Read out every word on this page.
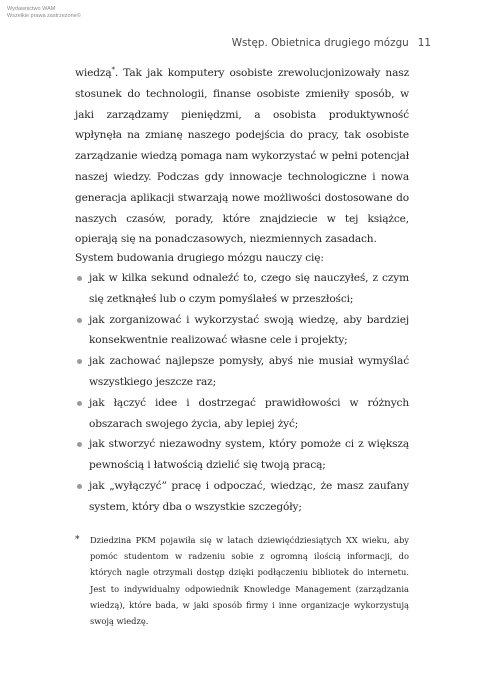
Wydawnictwo WAM
Wszelkie prawa zastrzeżone©
Wstęp. Obietnica drugiego mózgu 11

wiedzą*. Tak jak komputery osobiste zrewolucjonizowały nasz stosunek do technologii, finanse osobiste zmieniły sposób, w jaki zarządzamy pieniędzmi, a osobista produktywność wpłynęła na zmianę naszego podejścia do pracy, tak osobiste zarządzanie wiedzą pomaga nam wykorzystać w pełni potencjał naszej wiedzy. Podczas gdy innowacje technologiczne i nowa generacja aplikacji stwarzają nowe możliwości dostosowane do naszych czasów, porady, które znajdziecie w tej książce, opierają się na ponadczasowych, niezmiennych zasadach.

System budowania drugiego mózgu nauczy cię:

jak w kilka sekund odnaleźć to, czego się nauczyłeś, z czym się zetknąłeś lub o czym pomyślałeś w przeszłości;
jak zorganizować i wykorzystać swoją wiedzę, aby bardziej konsekwentnie realizować własne cele i projekty;
jak zachować najlepsze pomysły, abyś nie musiał wymyślać wszystkiego jeszcze raz;
jak łączyć idee i dostrzegać prawidłowości w różnych obszarach swojego życia, aby lepiej żyć;
jak stworzyć niezawodny system, który pomoże ci z większą pewnością i łatwością dzielić się twoją pracą;
jak „wyłączyć” pracę i odpoczać, wiedząc, że masz zaufany system, który dba o wszystkie szczegóły;
*	Dziedzina PKM pojawiła się w latach dziewięćdziesiątych XX wieku, aby pomóc studentom w radzeniu sobie z ogromną ilością informacji, do których nagle otrzymali dostęp dzięki podłączeniu bibliotek do internetu. Jest to indywidualny odpowiednik Knowledge Management (zarządzania wiedzą), które bada, w jaki sposób firmy i inne organizacje wykorzystują swoją wiedzę.
